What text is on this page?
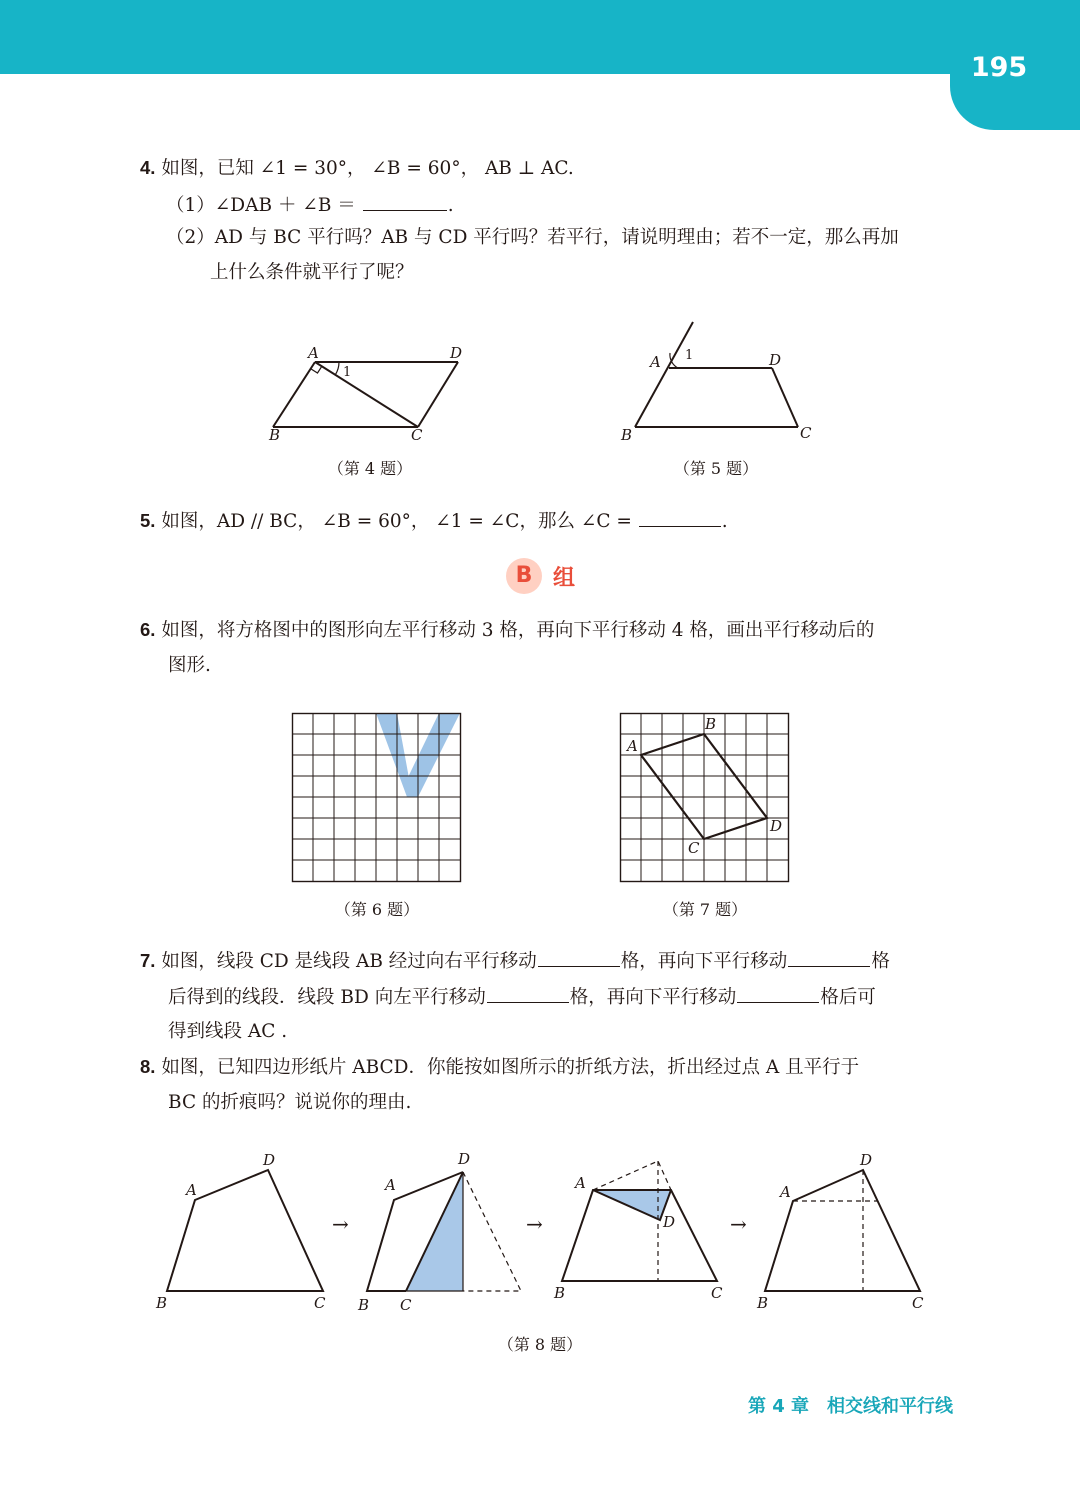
195
4. 如图，已知 ∠1 = 30°， ∠B = 60°， AB ⊥ AC.
（1）∠DAB ＋ ∠B ＝	.
（2）AD 与 BC 平行吗？AB 与 CD 平行吗？若平行，请说明理由；若不一定，那么再加
上什么条件就平行了呢？
A	D
B	C
1
（第 4 题）
A 1	D
B	C
（第 5 题）
5. 如图，AD // BC， ∠B = 60°， ∠1 = ∠C，那么 ∠C =	.
B 组
6. 如图，将方格图中的图形向左平行移动 3 格，再向下平行移动 4 格，画出平行移动后的
图形.
（第 6 题）
A
B
C
D
（第 7 题）
7. 如图，线段 CD 是线段 AB 经过向右平行移动	格，再向下平行移动	格
后得到的线段．线段 BD 向左平行移动	格，再向下平行移动	格后可
得到线段 AC .
8. 如图，已知四边形纸片 ABCD．你能按如图所示的折纸方法，折出经过点 A 且平行于
BC 的折痕吗？说说你的理由.
A
D
B	C
→
A
D
B C
→
A
D
B	C
→
A
D
B	C
（第 8 题）
第 4 章　相交线和平行线
